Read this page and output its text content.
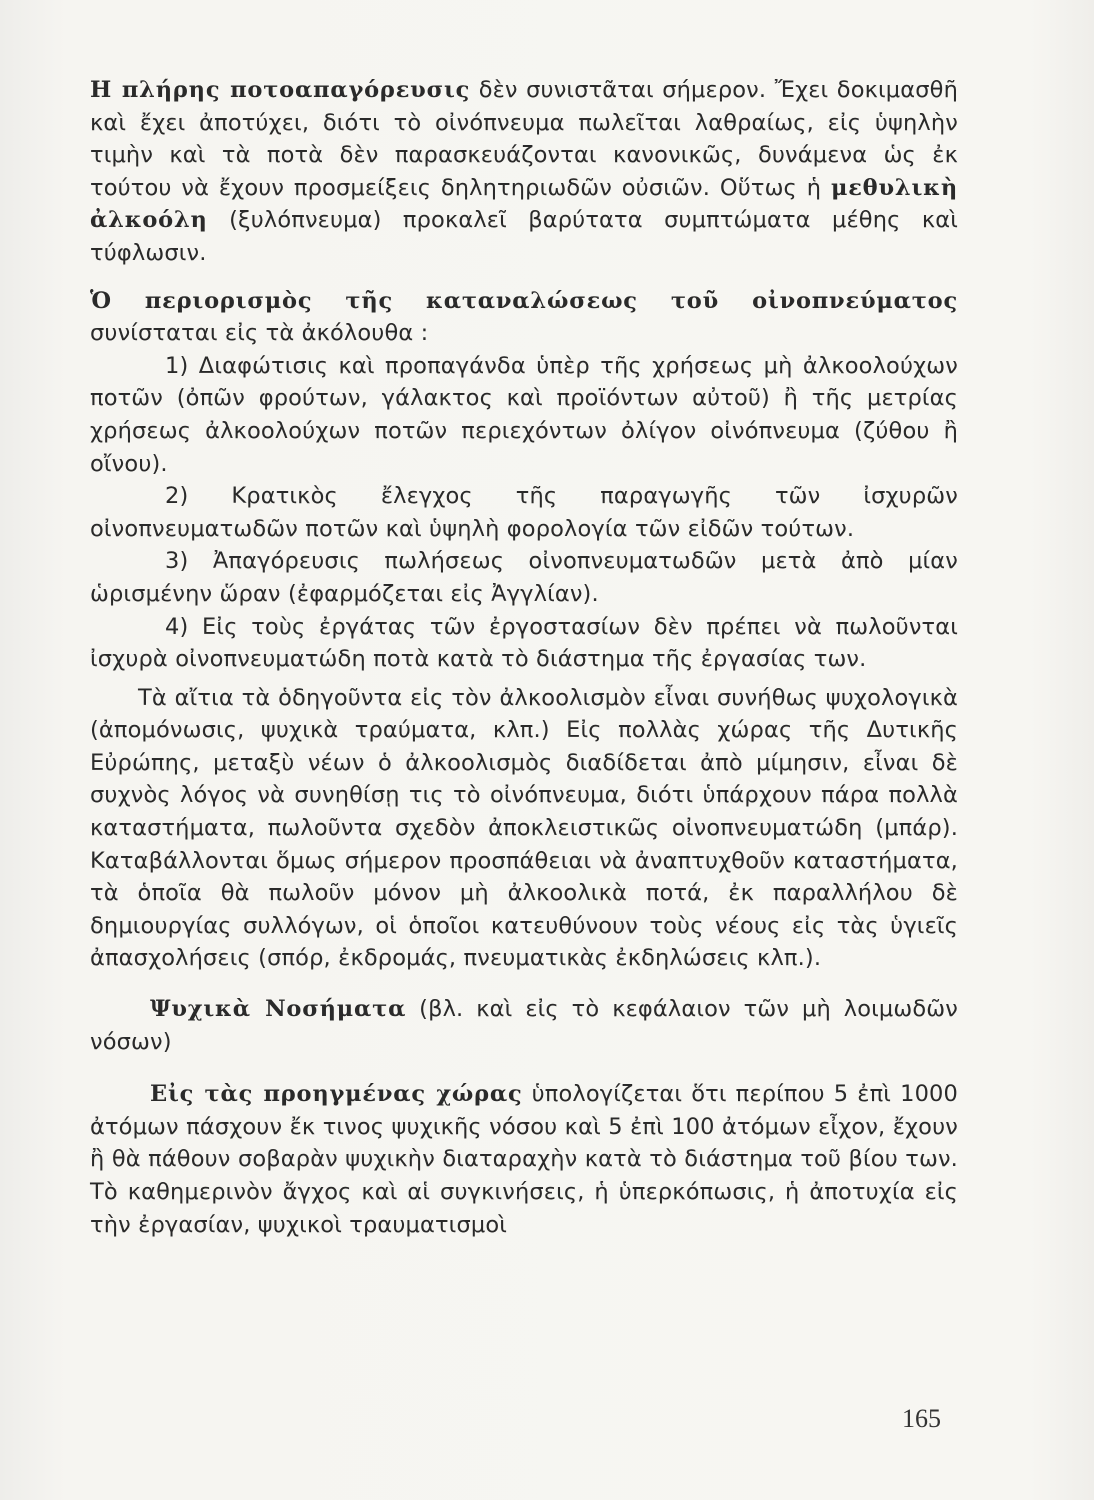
Η πλήρης ποτοαπαγόρευσις δὲν συνιστᾶται σήμερον. Ἔχει δοκιμασθῆ καὶ ἔχει ἀποτύχει, διότι τὸ οἰνόπνευμα πωλεῖται λαθραίως, εἰς ὑψηλὴν τιμὴν καὶ τὰ ποτὰ δὲν παρασκευάζονται κανονικῶς, δυνάμενα ὡς ἐκ τούτου νὰ ἔχουν προσμείξεις δηλητηριωδῶν οὐσιῶν. Οὕτως ἡ μεθυλικὴ ἀλκοόλη (ξυλόπνευμα) προκαλεῖ βαρύτατα συμπτώματα μέθης καὶ τύφλωσιν.

Ὁ περιορισμὸς τῆς καταναλώσεως τοῦ οἰνοπνεύματος συνίσταται εἰς τὰ ἀκόλουθα :

1) Διαφώτισις καὶ προπαγάνδα ὑπὲρ τῆς χρήσεως μὴ ἀλκοολούχων ποτῶν (ὀπῶν φρούτων, γάλακτος καὶ προϊόντων αὐτοῦ) ἢ τῆς μετρίας χρήσεως ἀλκοολούχων ποτῶν περιεχόντων ὀλίγον οἰνόπνευμα (ζύθου ἢ οἴνου).

2) Κρατικὸς ἔλεγχος τῆς παραγωγῆς τῶν ἰσχυρῶν οἰνοπνευματωδῶν ποτῶν καὶ ὑψηλὴ φορολογία τῶν εἰδῶν τούτων.

3) Ἀπαγόρευσις πωλήσεως οἰνοπνευματωδῶν μετὰ ἀπὸ μίαν ὡρισμένην ὥραν (ἐφαρμόζεται εἰς Ἀγγλίαν).

4) Εἰς τοὺς ἐργάτας τῶν ἐργοστασίων δὲν πρέπει νὰ πωλοῦνται ἰσχυρὰ οἰνοπνευματώδη ποτὰ κατὰ τὸ διάστημα τῆς ἐργασίας των.

Τὰ αἴτια τὰ ὁδηγοῦντα εἰς τὸν ἀλκοολισμὸν εἶναι συνήθως ψυχολογικὰ (ἀπομόνωσις, ψυχικὰ τραύματα, κλπ.) Εἰς πολλὰς χώρας τῆς Δυτικῆς Εὐρώπης, μεταξὺ νέων ὁ ἀλκοολισμὸς διαδίδεται ἀπὸ μίμησιν, εἶναι δὲ συχνὸς λόγος νὰ συνηθίσῃ τις τὸ οἰνόπνευμα, διότι ὑπάρχουν πάρα πολλὰ καταστήματα, πωλοῦντα σχεδὸν ἀποκλειστικῶς οἰνοπνευματώδη (μπάρ). Καταβάλλονται ὅμως σήμερον προσπάθειαι νὰ ἀναπτυχθοῦν καταστήματα, τὰ ὁποῖα θὰ πωλοῦν μόνον μὴ ἀλκοολικὰ ποτά, ἐκ παραλλήλου δὲ δημιουργίας συλλόγων, οἱ ὁποῖοι κατευθύνουν τοὺς νέους εἰς τὰς ὑγιεῖς ἀπασχολήσεις (σπόρ, ἐκδρομάς, πνευματικὰς ἐκδηλώσεις κλπ.).

Ψυχικὰ Νοσήματα (βλ. καὶ εἰς τὸ κεφάλαιον τῶν μὴ λοιμωδῶν νόσων)

Εἰς τὰς προηγμένας χώρας ὑπολογίζεται ὅτι περίπου 5 ἐπὶ 1000 ἀτόμων πάσχουν ἔκ τινος ψυχικῆς νόσου καὶ 5 ἐπὶ 100 ἀτόμων εἶχον, ἔχουν ἢ θὰ πάθουν σοβαρὰν ψυχικὴν διαταραχὴν κατὰ τὸ διάστημα τοῦ βίου των. Τὸ καθημερινὸν ἄγχος καὶ αἱ συγκινήσεις, ἡ ὑπερκόπωσις, ἡ ἀποτυχία εἰς τὴν ἐργασίαν, ψυχικοὶ τραυματισμοὶ

165
